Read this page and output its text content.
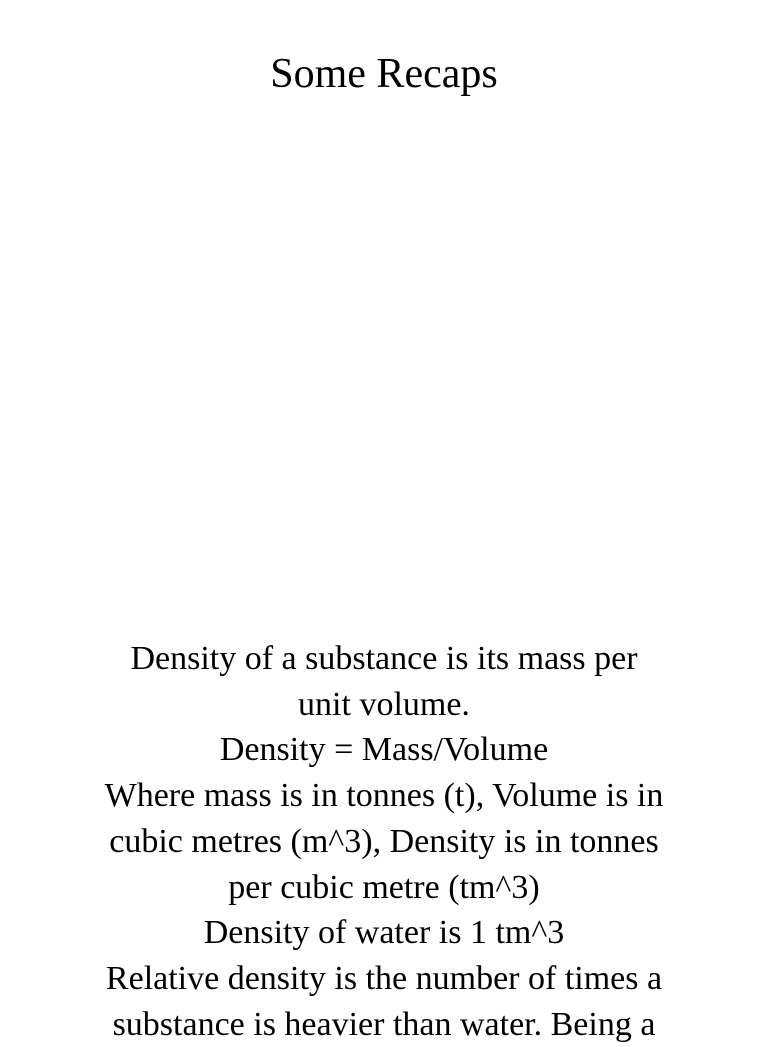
Some Recaps
Density of a substance is its mass per
unit volume.
Density = Mass/Volume
Where mass is in tonnes (t), Volume is in
cubic metres (m^3), Density is in tonnes
per cubic metre (tm^3)
Density of water is 1 tm^3
Relative density is the number of times a
substance is heavier than water. Being a
